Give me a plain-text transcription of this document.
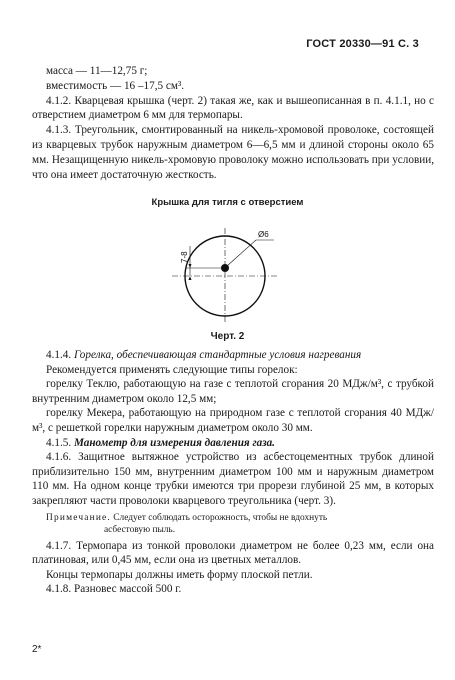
ГОСТ 20330—91 С. 3

масса — 11—12,75 г;

вместимость — 16 –17,5 см³.

4.1.2. Кварцевая крышка (черт. 2) такая же, как и вышеописанная в п. 4.1.1, но с отверстием диаметром 6 мм для термопары.

4.1.3. Треугольник, смонтированный на никель-хромовой проволоке, состоящей из кварцевых трубок наружным диаметром 6—6,5 мм и длиной стороны около 65 мм. Незащищенную никель-хромовую проволоку можно использовать при условии, что она имеет достаточную жесткость.

Крышка для тигля с отверстием
Ø6
7-8
Черт. 2

4.1.4. Горелка, обеспечивающая стандартные условия нагревания

Рекомендуется применять следующие типы горелок:

горелку Теклю, работающую на газе с теплотой сгорания 20 МДж/м³, с трубкой внутренним диаметром около 12,5 мм;

горелку Мекера, работающую на природном газе с теплотой сгорания 40 МДж/м³, с решеткой горелки наружным диаметром около 30 мм.

4.1.5. Манометр для измерения давления газа.

4.1.6. Защитное вытяжное устройство из асбестоцементных трубок длиной приблизительно 150 мм, внутренним диаметром 100 мм и наружным диаметром 110 мм. На одном конце трубки имеются три прорези глубиной 25 мм, в которых закрепляют части проволоки кварцевого треугольника (черт. 3).

Примечание. Следует соблюдать осторожность, чтобы не вдохнуть
асбестовую пыль.

4.1.7. Термопара из тонкой проволоки диаметром не более 0,23 мм, если она платиновая, или 0,45 мм, если она из цветных металлов.

Концы термопары должны иметь форму плоской петли.

4.1.8. Разновес массой 500 г.

2*
